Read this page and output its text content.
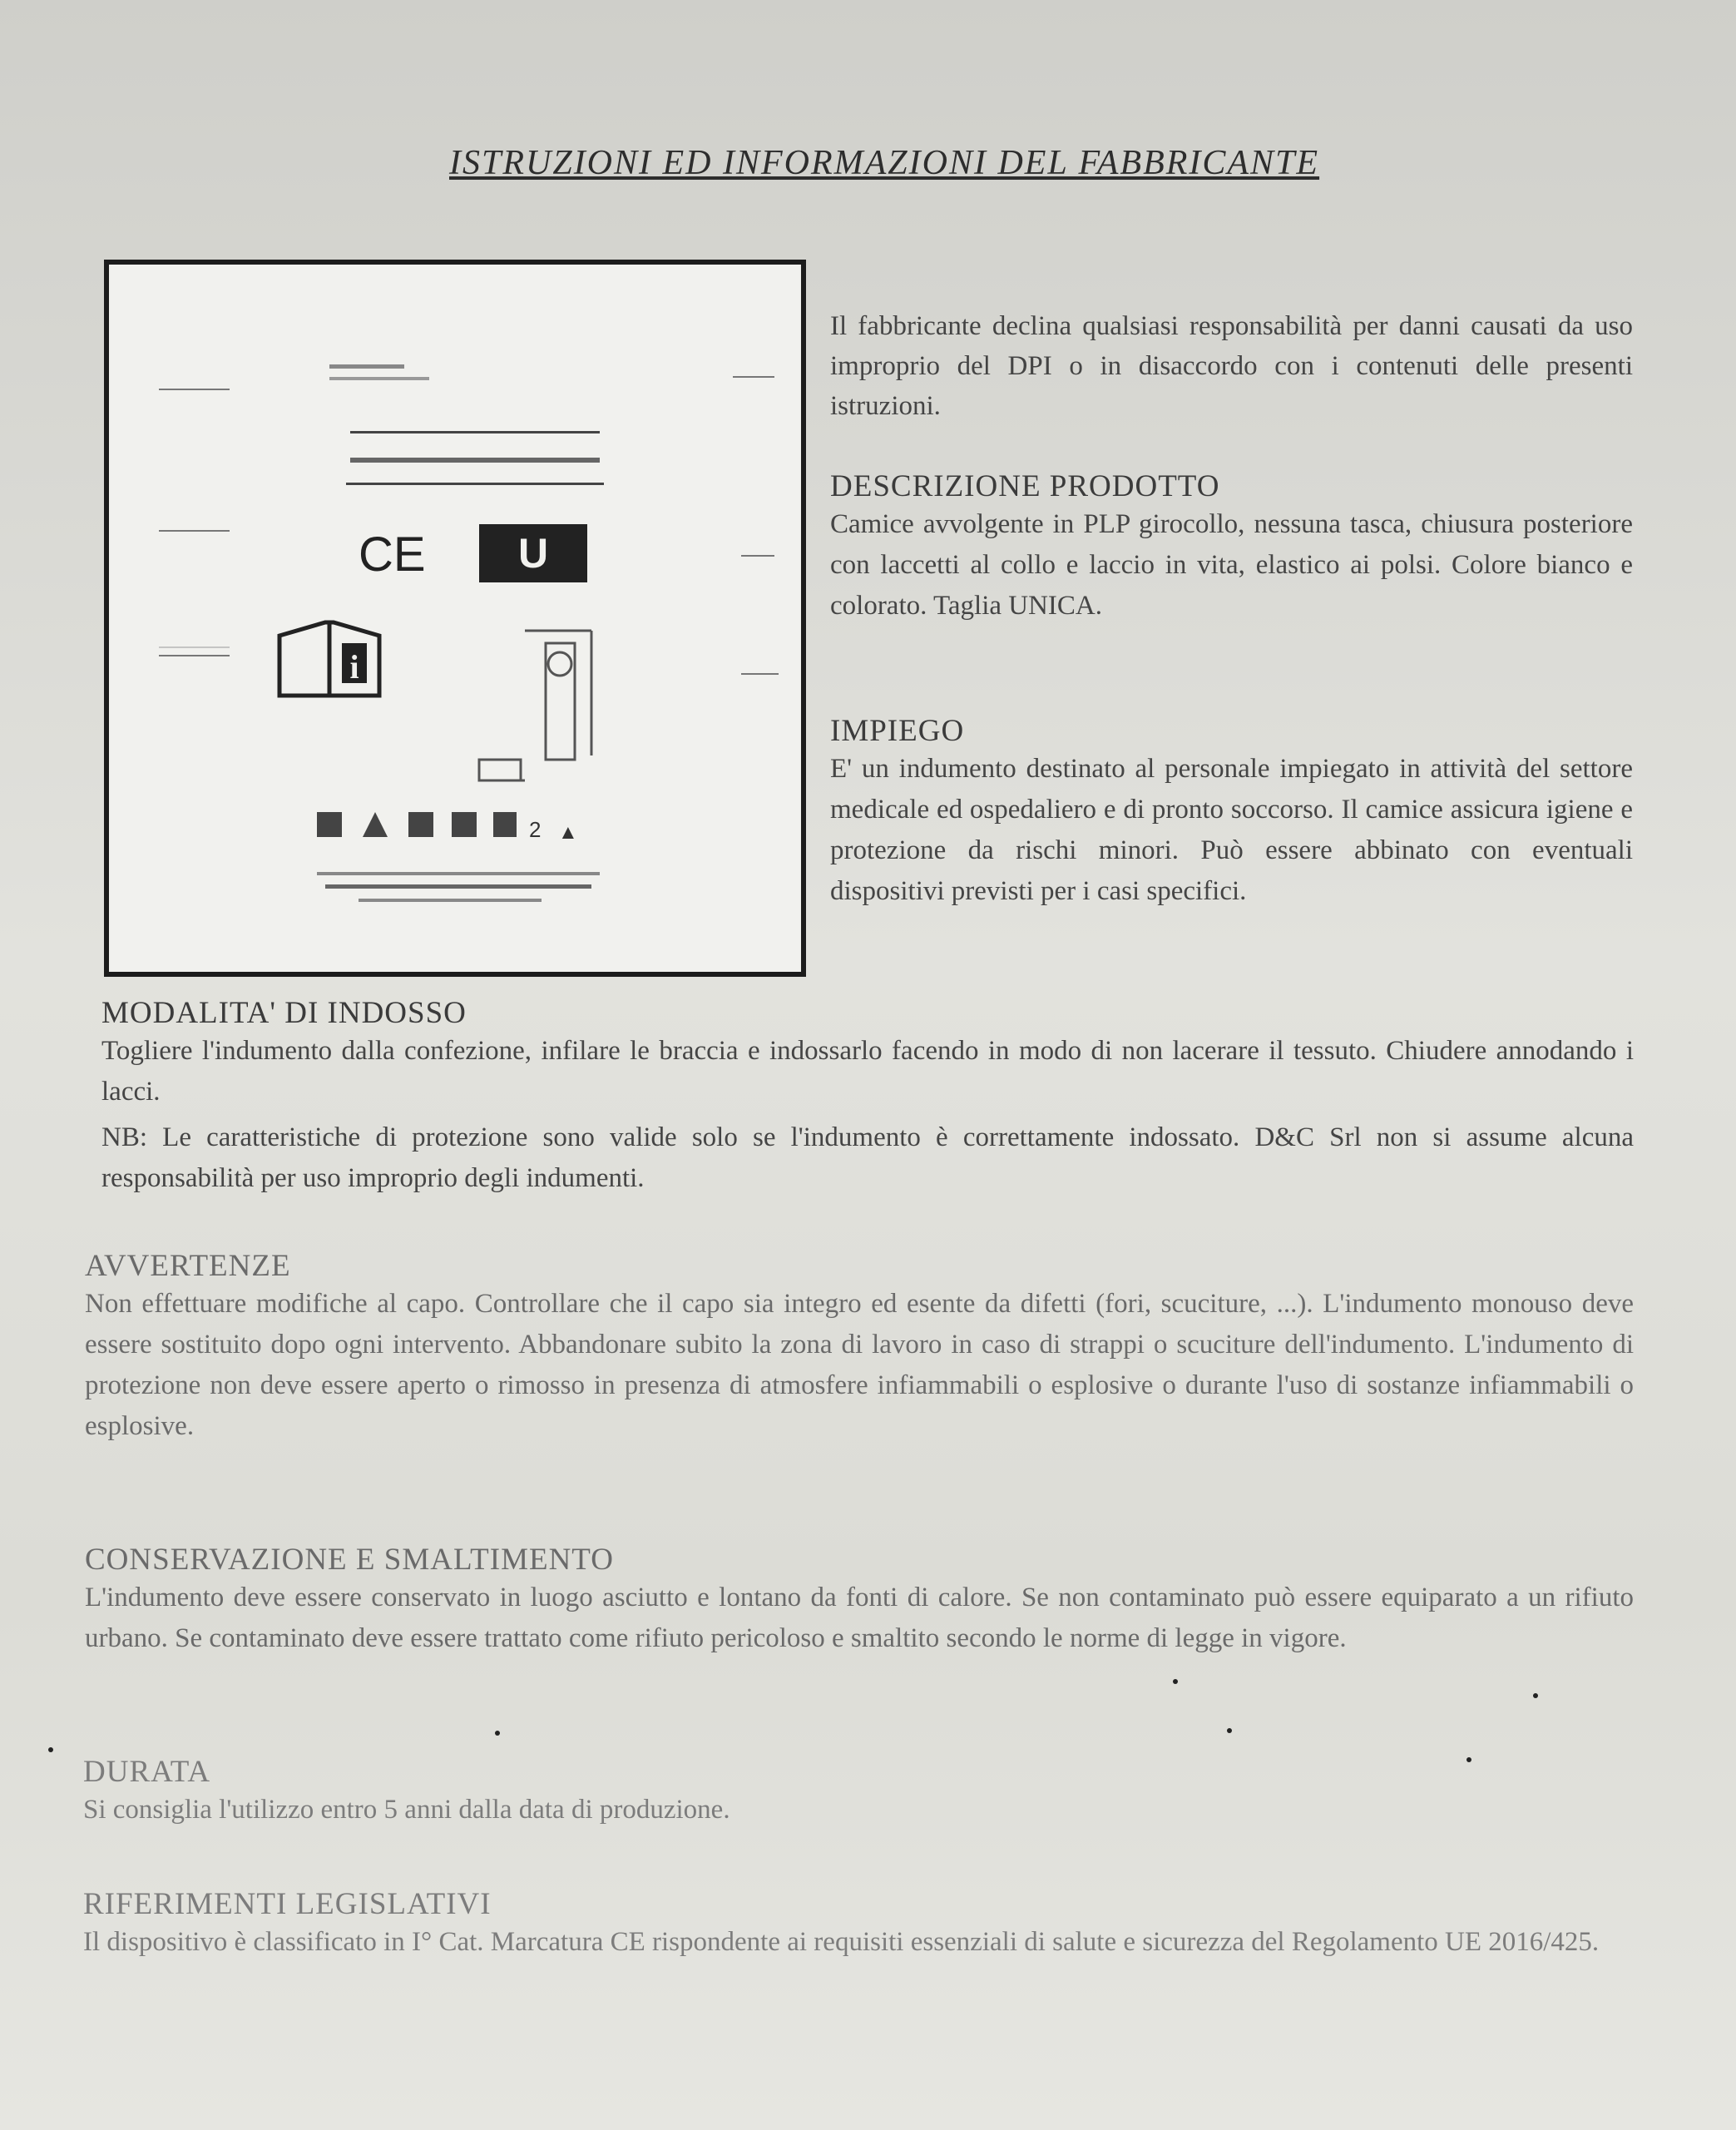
ISTRUZIONI ED INFORMAZIONI DEL FABBRICANTE
CE U
i
2 ▲
Il fabbricante declina qualsiasi responsabilità per danni causati da uso improprio del DPI o in disaccordo con i contenuti delle presenti istruzioni.
DESCRIZIONE PRODOTTO

Camice avvolgente in PLP girocollo, nessuna tasca, chiusura posteriore con laccetti al collo e laccio in vita, elastico ai polsi. Colore bianco e colorato. Taglia UNICA.

IMPIEGO

E' un indumento destinato al personale impiegato in attività del settore medicale ed ospedaliero e di pronto soccorso. Il camice assicura igiene e protezione da rischi minori. Può essere abbinato con eventuali dispositivi previsti per i casi specifici.

MODALITA' DI INDOSSO

Togliere l'indumento dalla confezione, infilare le braccia e indossarlo facendo in modo di non lacerare il tessuto. Chiudere annodando i lacci.

NB: Le caratteristiche di protezione sono valide solo se l'indumento è correttamente indossato. D&C Srl non si assume alcuna responsabilità per uso improprio degli indumenti.

AVVERTENZE

Non effettuare modifiche al capo. Controllare che il capo sia integro ed esente da difetti (fori, scuciture, ...). L'indumento monouso deve essere sostituito dopo ogni intervento. Abbandonare subito la zona di lavoro in caso di strappi o scuciture dell'indumento. L'indumento di protezione non deve essere aperto o rimosso in presenza di atmosfere infiammabili o esplosive o durante l'uso di sostanze infiammabili o esplosive.

CONSERVAZIONE E SMALTIMENTO

L'indumento deve essere conservato in luogo asciutto e lontano da fonti di calore. Se non contaminato può essere equiparato a un rifiuto urbano. Se contaminato deve essere trattato come rifiuto pericoloso e smaltito secondo le norme di legge in vigore.

DURATA

Si consiglia l'utilizzo entro 5 anni dalla data di produzione.

RIFERIMENTI LEGISLATIVI

Il dispositivo è classificato in I° Cat. Marcatura CE rispondente ai requisiti essenziali di salute e sicurezza del Regolamento UE 2016/425.
